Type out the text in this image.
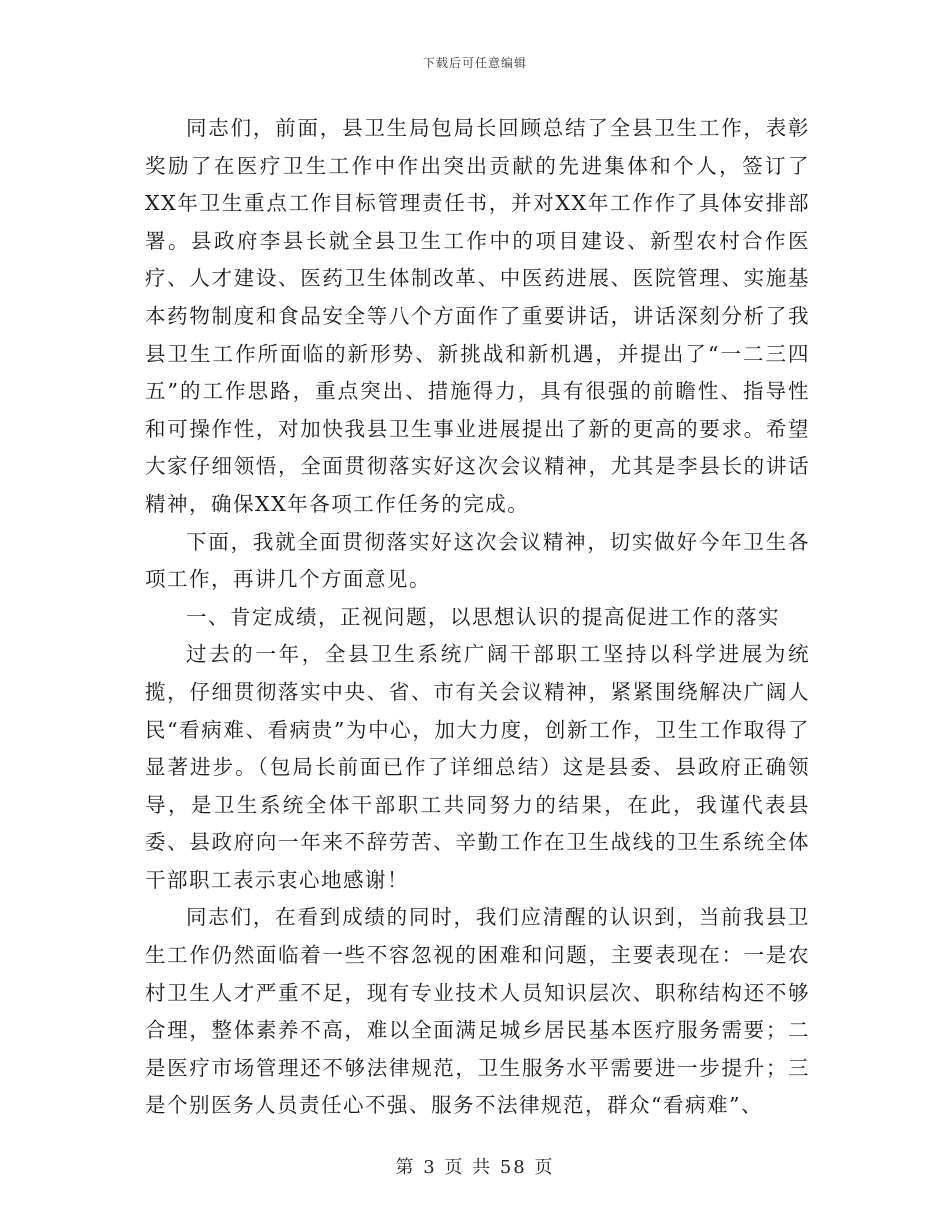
下载后可任意编辑

同志们，前面，县卫生局包局长回顾总结了全县卫生工作，表彰奖励了在医疗卫生工作中作出突出贡献的先进集体和个人，签订了XX年卫生重点工作目标管理责任书，并对XX年工作作了具体安排部署。县政府李县长就全县卫生工作中的项目建设、新型农村合作医疗、人才建设、医药卫生体制改革、中医药进展、医院管理、实施基本药物制度和食品安全等八个方面作了重要讲话，讲话深刻分析了我县卫生工作所面临的新形势、新挑战和新机遇，并提出了“一二三四五”的工作思路，重点突出、措施得力，具有很强的前瞻性、指导性和可操作性，对加快我县卫生事业进展提出了新的更高的要求。希望大家仔细领悟，全面贯彻落实好这次会议精神，尤其是李县长的讲话精神，确保XX年各项工作任务的完成。

下面，我就全面贯彻落实好这次会议精神，切实做好今年卫生各项工作，再讲几个方面意见。

一、肯定成绩，正视问题，以思想认识的提高促进工作的落实

过去的一年，全县卫生系统广阔干部职工坚持以科学进展为统揽，仔细贯彻落实中央、省、市有关会议精神，紧紧围绕解决广阔人民“看病难、看病贵”为中心，加大力度，创新工作，卫生工作取得了显著进步。（包局长前面已作了详细总结）这是县委、县政府正确领导，是卫生系统全体干部职工共同努力的结果，在此，我谨代表县委、县政府向一年来不辞劳苦、辛勤工作在卫生战线的卫生系统全体干部职工表示衷心地感谢！

同志们，在看到成绩的同时，我们应清醒的认识到，当前我县卫生工作仍然面临着一些不容忽视的困难和问题，主要表现在：一是农村卫生人才严重不足，现有专业技术人员知识层次、职称结构还不够合理，整体素养不高，难以全面满足城乡居民基本医疗服务需要；二是医疗市场管理还不够法律规范，卫生服务水平需要进一步提升；三是个别医务人员责任心不强、服务不法律规范，群众“看病难”、

第 3 页 共 58 页
